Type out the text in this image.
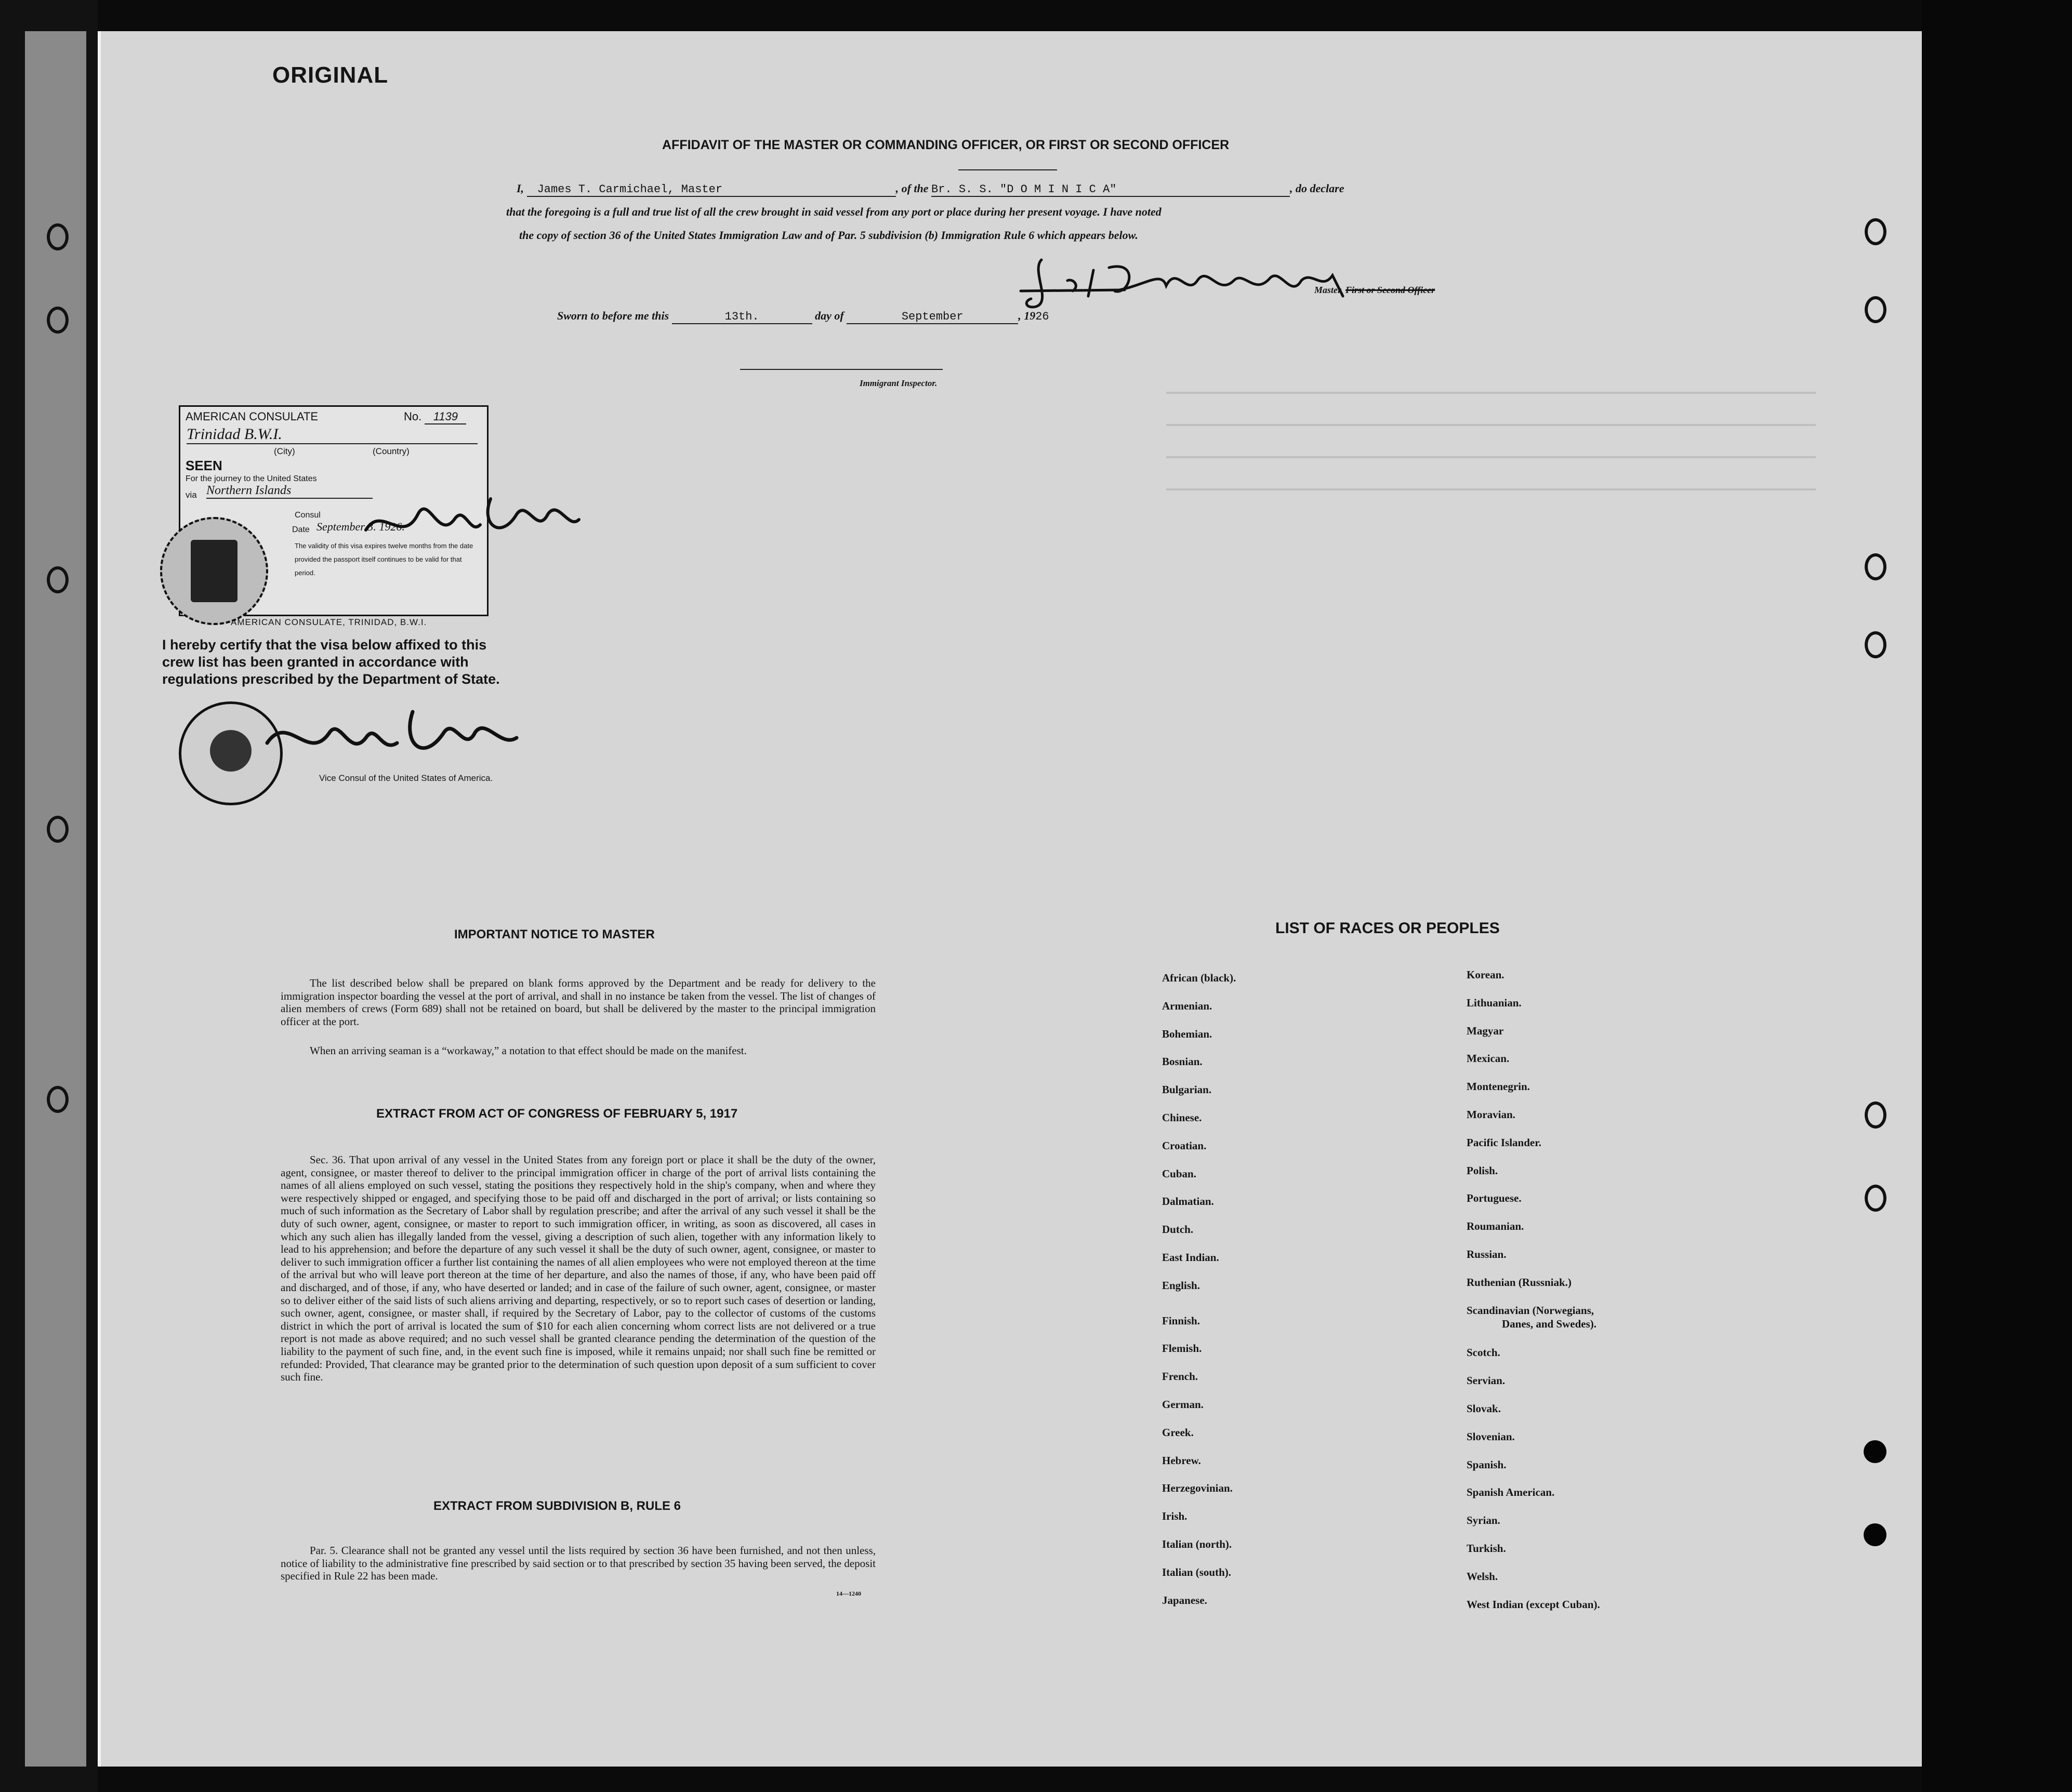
ORIGINAL
AFFIDAVIT OF THE MASTER OR COMMANDING OFFICER, OR FIRST OR SECOND OFFICER
I, James T. Carmichael, Master	, of the Br. S. S. "D O M I N I C A"	, do declare
that the foregoing is a full and true list of all the crew brought in said vessel from any port or place during her present voyage. I have noted
the copy of section 36 of the United States Immigration Law and of Par. 5 subdivision (b) Immigration Rule 6 which appears below.
Master, First or Second Officer
Sworn to before me this	13th.	day of	September	, 1926
Immigrant Inspector.
AMERICAN CONSULATE	No. 1139
Trinidad B.W.I.
(City)	(Country)
SEEN
For the journey to the United States
via Northern Islands
Consul
Date September 3. 1926.
The validity of this visa expires twelve months from the date provided the passport itself continues to be valid for that period.
AMERICAN CONSULATE, TRINIDAD, B.W.I.
I hereby certify that the visa below affixed to this crew list has been granted in accordance with regulations prescribed by the Department of State.
Vice Consul of the United States of America.
IMPORTANT NOTICE TO MASTER
The list described below shall be prepared on blank forms approved by the Department and be ready for delivery to the immigration inspector boarding the vessel at the port of arrival, and shall in no instance be taken from the vessel. The list of changes of alien members of crews (Form 689) shall not be retained on board, but shall be delivered by the master to the principal immigration officer at the port.
When an arriving seaman is a “workaway,” a notation to that effect should be made on the manifest.
EXTRACT FROM ACT OF CONGRESS OF FEBRUARY 5, 1917
Sec. 36. That upon arrival of any vessel in the United States from any foreign port or place it shall be the duty of the owner, agent, consignee, or master thereof to deliver to the principal immigration officer in charge of the port of arrival lists containing the names of all aliens employed on such vessel, stating the positions they respectively hold in the ship's company, when and where they were respectively shipped or engaged, and specifying those to be paid off and discharged in the port of arrival; or lists containing so much of such information as the Secretary of Labor shall by regulation prescribe; and after the arrival of any such vessel it shall be the duty of such owner, agent, consignee, or master to report to such immigration officer, in writing, as soon as discovered, all cases in which any such alien has illegally landed from the vessel, giving a description of such alien, together with any information likely to lead to his apprehension; and before the departure of any such vessel it shall be the duty of such owner, agent, consignee, or master to deliver to such immigration officer a further list containing the names of all alien employees who were not employed thereon at the time of the arrival but who will leave port thereon at the time of her departure, and also the names of those, if any, who have been paid off and discharged, and of those, if any, who have deserted or landed; and in case of the failure of such owner, agent, consignee, or master so to deliver either of the said lists of such aliens arriving and departing, respectively, or so to report such cases of desertion or landing, such owner, agent, consignee, or master shall, if required by the Secretary of Labor, pay to the collector of customs of the customs district in which the port of arrival is located the sum of $10 for each alien concerning whom correct lists are not delivered or a true report is not made as above required; and no such vessel shall be granted clearance pending the determination of the question of the liability to the payment of such fine, and, in the event such fine is imposed, while it remains unpaid; nor shall such fine be remitted or refunded: Provided, That clearance may be granted prior to the determination of such question upon deposit of a sum sufficient to cover such fine.
EXTRACT FROM SUBDIVISION B, RULE 6
Par. 5. Clearance shall not be granted any vessel until the lists required by section 36 have been furnished, and not then unless, notice of liability to the administrative fine prescribed by said section or to that prescribed by section 35 having been served, the deposit specified in Rule 22 has been made.
14—1240
LIST OF RACES OR PEOPLES
African (black).
Armenian.
Bohemian.
Bosnian.
Bulgarian.
Chinese.
Croatian.
Cuban.
Dalmatian.
Dutch.
East Indian.
English.
Finnish.
Flemish.
French.
German.
Greek.
Hebrew.
Herzegovinian.
Irish.
Italian (north).
Italian (south).
Japanese.
Korean.
Lithuanian.
Magyar
Mexican.
Montenegrin.
Moravian.
Pacific Islander.
Polish.
Portuguese.
Roumanian.
Russian.
Ruthenian (Russniak.)
Scandinavian (Norwegians,
Danes, and Swedes).
Scotch.
Servian.
Slovak.
Slovenian.
Spanish.
Spanish American.
Syrian.
Turkish.
Welsh.
West Indian (except Cuban).
